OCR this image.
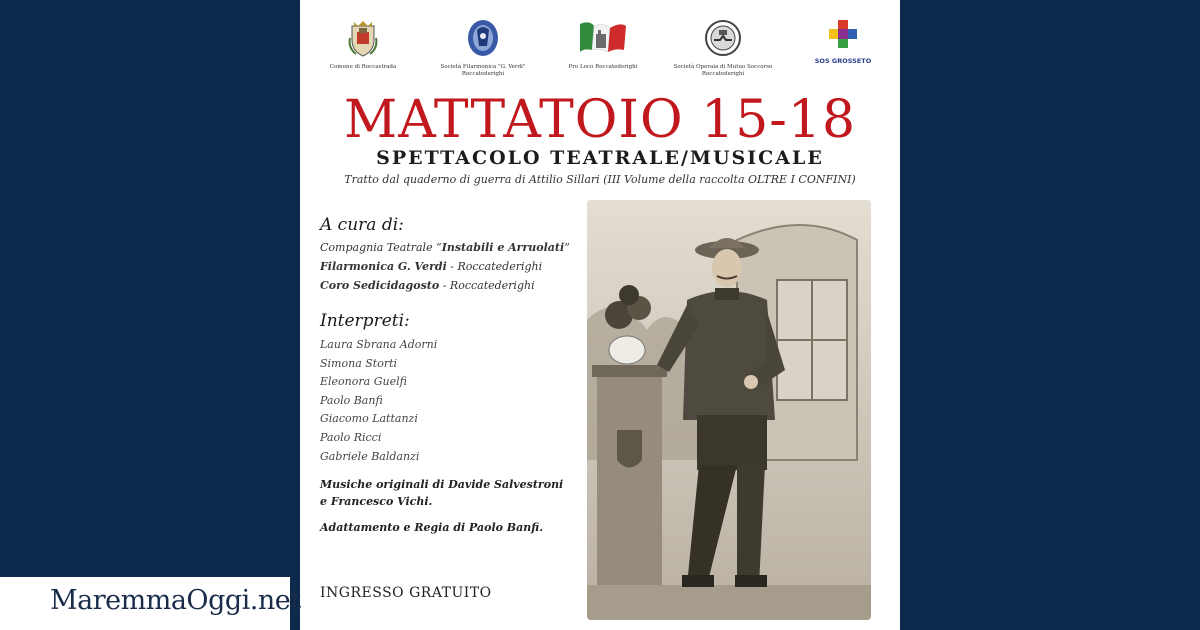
Comune di Roccastrada	Società Filarmonica "G. Verdi" Roccatederighi
Pro Loco Roccatederighi	Società Operaia di Mutuo Soccorso Roccatederighi
SOS GROSSETO
MATTATOIO 15-18
SPETTACOLO TEATRALE/MUSICALE
Tratto dal quaderno di guerra di Attilio Sillari (III Volume della raccolta OLTRE I CONFINI)
A cura di:
Compagnia Teatrale “Instabili e Arruolati”
Filarmonica G. Verdi - Roccatederighi
Coro Sedicidagosto - Roccatederighi
Interpreti:
Laura Sbrana Adorni
Simona Storti
Eleonora Guelfi
Paolo Banfi
Giacomo Lattanzi
Paolo Ricci
Gabriele Baldanzi
Musiche originali di Davide Salvestroni
e Francesco Vichi.
Adattamento e Regia di Paolo Banfi.
INGRESSO GRATUITO
MaremmaOggi.net
